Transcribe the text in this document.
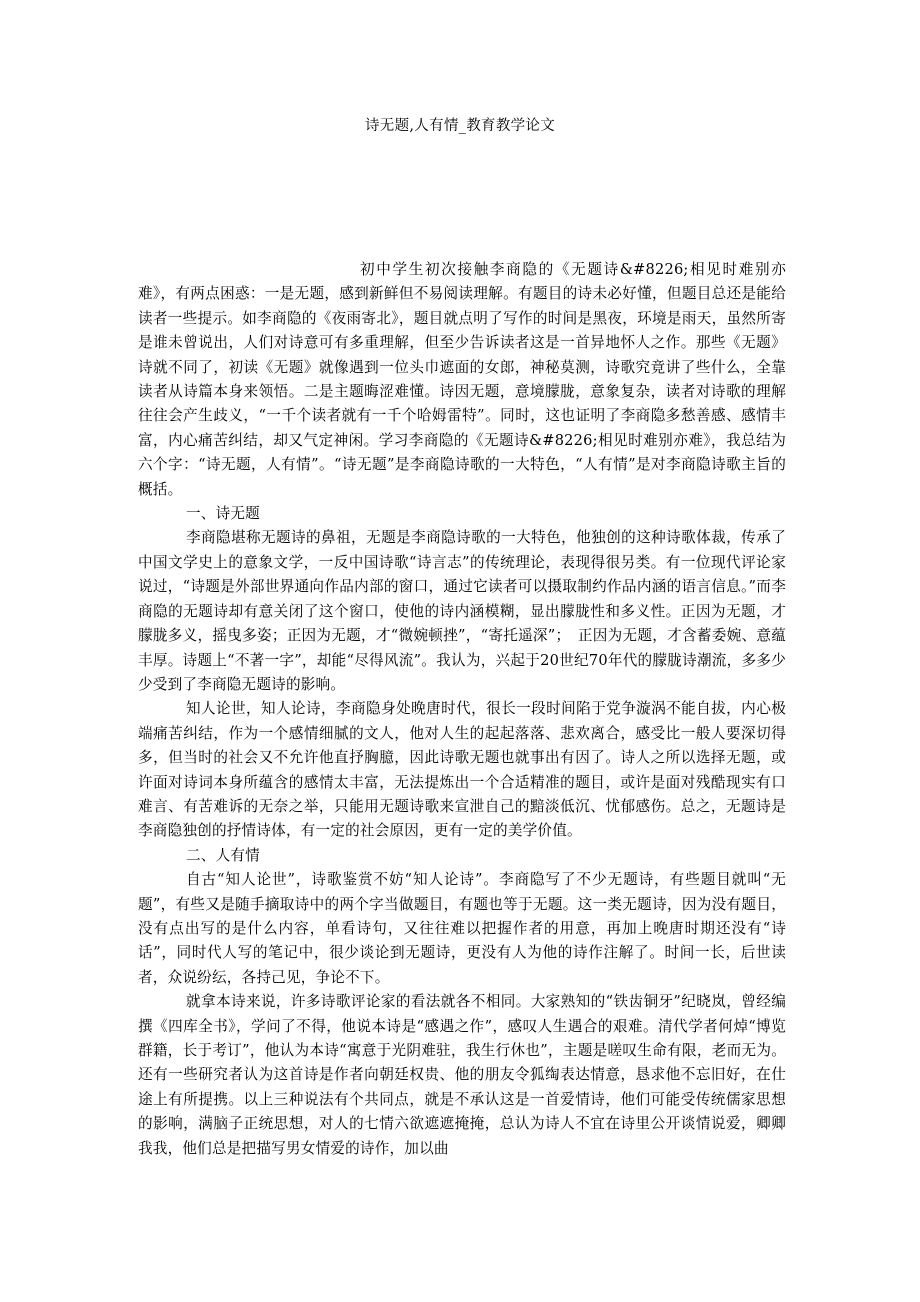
诗无题,人有情_教育教学论文

初中学生初次接触李商隐的《无题诗&#8226;相见时难别亦难》，有两点困惑：一是无题，感到新鲜但不易阅读理解。有题目的诗未必好懂，但题目总还是能给读者一些提示。如李商隐的《夜雨寄北》，题目就点明了写作的时间是黑夜，环境是雨天，虽然所寄是谁未曾说出，人们对诗意可有多重理解，但至少告诉读者这是一首异地怀人之作。那些《无题》诗就不同了，初读《无题》就像遇到一位头巾遮面的女郎，神秘莫测，诗歌究竟讲了些什么，全靠读者从诗篇本身来领悟。二是主题晦涩难懂。诗因无题，意境朦胧，意象复杂，读者对诗歌的理解往往会产生歧义，“一千个读者就有一千个哈姆雷特”。同时，这也证明了李商隐多愁善感、感情丰富，内心痛苦纠结，却又气定神闲。学习李商隐的《无题诗&#8226;相见时难别亦难》，我总结为六个字：“诗无题，人有情”。“诗无题”是李商隐诗歌的一大特色，“人有情”是对李商隐诗歌主旨的概括。

一、诗无题

李商隐堪称无题诗的鼻祖，无题是李商隐诗歌的一大特色，他独创的这种诗歌体裁，传承了中国文学史上的意象文学，一反中国诗歌“诗言志”的传统理论，表现得很另类。有一位现代评论家说过，“诗题是外部世界通向作品内部的窗口，通过它读者可以摄取制约作品内涵的语言信息。”而李商隐的无题诗却有意关闭了这个窗口，使他的诗内涵模糊，显出朦胧性和多义性。正因为无题，才朦胧多义，摇曳多姿；正因为无题，才“微婉顿挫”，“寄托遥深”；　正因为无题，才含蓄委婉、意蕴丰厚。诗题上“不著一字”，却能“尽得风流”。我认为，兴起于20世纪70年代的朦胧诗潮流，多多少少受到了李商隐无题诗的影响。

知人论世，知人论诗，李商隐身处晚唐时代，很长一段时间陷于党争漩涡不能自拔，内心极端痛苦纠结，作为一个感情细腻的文人，他对人生的起起落落、悲欢离合，感受比一般人要深切得多，但当时的社会又不允许他直抒胸臆，因此诗歌无题也就事出有因了。诗人之所以选择无题，或许面对诗词本身所蕴含的感情太丰富，无法提炼出一个合适精准的题目，或许是面对残酷现实有口难言、有苦难诉的无奈之举，只能用无题诗歌来宣泄自己的黯淡低沉、忧郁感伤。总之，无题诗是李商隐独创的抒情诗体，有一定的社会原因，更有一定的美学价值。

二、人有情

自古“知人论世”，诗歌鉴赏不妨“知人论诗”。李商隐写了不少无题诗，有些题目就叫“无题”，有些又是随手摘取诗中的两个字当做题目，有题也等于无题。这一类无题诗，因为没有题目，没有点出写的是什么内容，单看诗句，又往往难以把握作者的用意，再加上晚唐时期还没有“诗话”，同时代人写的笔记中，很少谈论到无题诗，更没有人为他的诗作注解了。时间一长，后世读者，众说纷纭，各持己见，争论不下。

就拿本诗来说，许多诗歌评论家的看法就各不相同。大家熟知的“铁齿铜牙”纪晓岚，曾经编撰《四库全书》，学问了不得，他说本诗是“感遇之作”，感叹人生遇合的艰难。清代学者何焯“博览群籍，长于考订”，他认为本诗“寓意于光阴难驻，我生行休也”，主题是嗟叹生命有限，老而无为。还有一些研究者认为这首诗是作者向朝廷权贵、他的朋友令狐绹表达情意，恳求他不忘旧好，在仕途上有所提携。以上三种说法有个共同点，就是不承认这是一首爱情诗，他们可能受传统儒家思想的影响，满脑子正统思想，对人的七情六欲遮遮掩掩，总认为诗人不宜在诗里公开谈情说爱，卿卿我我，他们总是把描写男女情爱的诗作，加以曲
